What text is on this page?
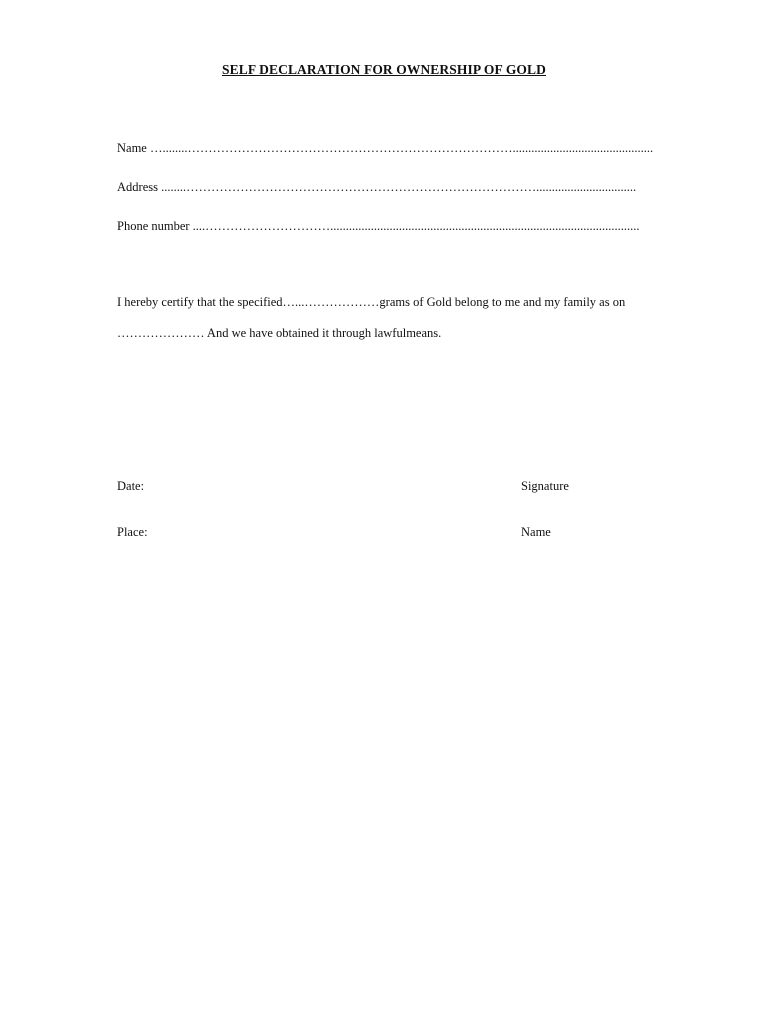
SELF DECLARATION FOR OWNERSHIP OF GOLD
Name …........…………………………………………………………………….............................................
Address ........…………………………………………………………………………................................
Phone number ....…………………………...................................................................................................
I hereby certify that the specified…...………………grams of Gold belong to me and my family as on
………………… And we have obtained it through lawfulmeans.
Date:
Place:
Signature
Name
